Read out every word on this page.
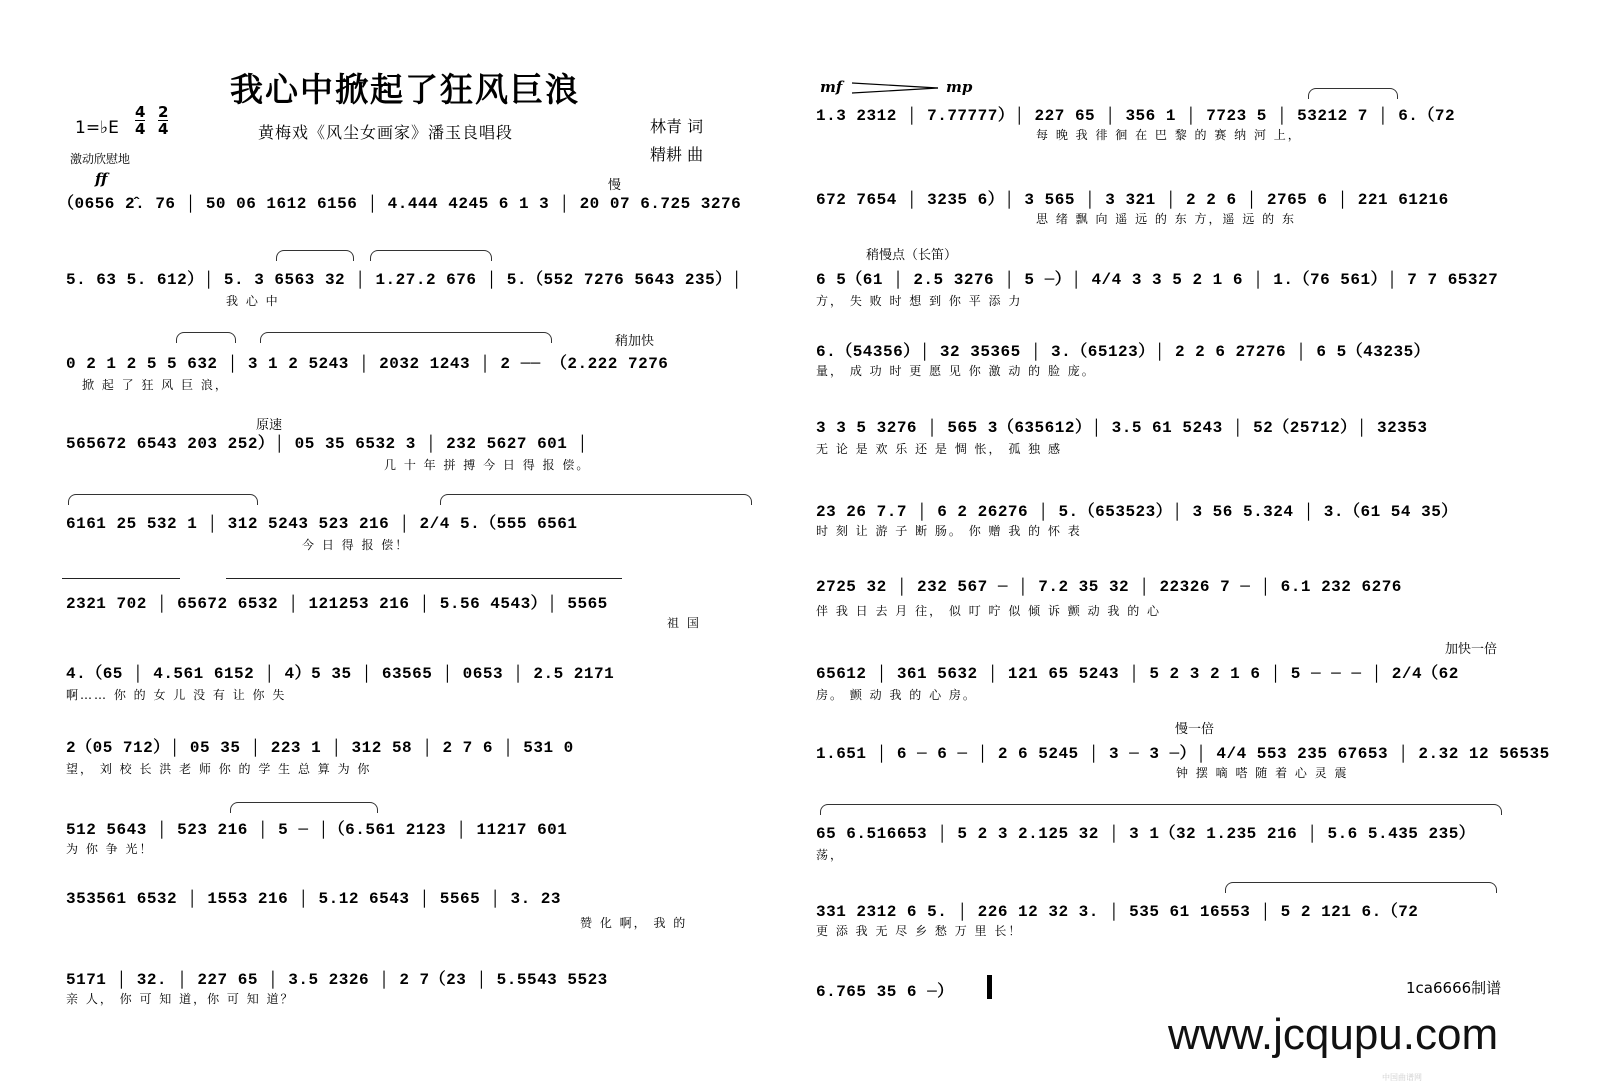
我心中掀起了狂风巨浪
黄梅戏《风尘女画家》潘玉良唱段	林青 词
精耕 曲
1=♭E
4
4
2
4
激动欣慰地
ff
mf	mp
慢
稍加快
原速
稍慢点（长笛）
加快一倍
慢一倍
（0656 2̂. 76 │ 50 06 1612 6156 │ 4.444 4245 6 1 3 │ 20 07 6.725 3276
5. 63 5. 612）│ 5. 3 6563 32 │ 1.27.2 676 │ 5.（552 7276 5643 235）│
我 心 中
0 2 1 2 5 5 632 │ 3 1 2 5243 │ 2032 1243 │ 2 ── （2.222 7276
掀 起 了 狂 风 巨 浪，
565672 6543 203 252）│ 05 35 6532 3 │ 232 5627 601 │
几 十 年 拼 搏 今 日 得 报 偿。
6161 25 532 1 │ 312 5243 523 216 │ 2/4 5.（555 6561
今 日 得 报 偿！
2321 702 │ 65672 6532 │ 121253 216 │ 5.56 4543）│ 5565
祖 国
4.（65 │ 4.561 6152 │ 4）5 35 │ 63565 │ 0653 │ 2.5 2171
啊…… 你 的 女 儿 没 有 让 你 失
2（05 712）│ 05 35 │ 223 1 │ 312 58 │ 2 7 6 │ 531 0
望， 刘 校 长 洪 老 师 你 的 学 生 总 算 为 你
512 5643 │ 523 216 │ 5 ─ │（6.561 2123 │ 11217 601
为 你 争 光！
353561 6532 │ 1553 216 │ 5.12 6543 │ 5565 │ 3. 23
赞 化 啊， 我 的
5171 │ 32. │ 227 65 │ 3.5 2326 │ 2 7（23 │ 5.5543 5523
亲 人， 你 可 知 道，你 可 知 道？
1.3 2312 │ 7.77777）│ 227 65 │ 356 1 │ 7723 5 │ 53212 7 │ 6.（72
每 晚 我 徘 徊 在 巴 黎 的 赛 纳 河 上，
672 7654 │ 3235 6）│ 3 565 │ 3 321 │ 2 2 6 │ 2765 6 │ 221 61216
思 绪 飘 向 遥 远 的 东 方，遥 远 的 东
6 5（61 │ 2.5 3276 │ 5 ─）│ 4/4 3 3 5 2 1 6 │ 1.（76 561）│ 7 7 65327
方， 失 败 时 想 到 你 平 添 力
6.（54356）│ 32 35365 │ 3.（65123）│ 2 2 6 27276 │ 6 5（43235）
量， 成 功 时 更 愿 见 你 激 动 的 脸 庞。
3 3 5 3276 │ 565 3（635612）│ 3.5 61 5243 │ 52（25712）│ 32353
无 论 是 欢 乐 还 是 惆 怅， 孤 独 感
23 26 7.7 │ 6 2 26276 │ 5.（653523）│ 3 56 5.324 │ 3.（61 54 35）
时 刻 让 游 子 断 肠。 你 赠 我 的 怀 表
2725 32 │ 232 567 ─ │ 7.2 35 32 │ 22326 7 ─ │ 6.1 232 6276
伴 我 日 去 月 往， 似 叮 咛 似 倾 诉 颤 动 我 的 心
65612 │ 361 5632 │ 121 65 5243 │ 5 2 3 2 1 6 │ 5 ─ ─ ─ │ 2/4（62
房。 颤 动 我 的 心 房。
1.651 │ 6 ─ 6 ─ │ 2 6 5245 │ 3 ─ 3 ─）│ 4/4 553 235 67653 │ 2.32 12 56535
钟 摆 嘀 嗒 随 着 心 灵 震
65 6.516653 │ 5 2 3 2.125 32 │ 3 1（32 1.235 216 │ 5.6 5.435 235）
荡，
331 2312 6 5. │ 226 12 32 3. │ 535 61 16553 │ 5 2 121 6.（72
更 添 我 无 尽 乡 愁 万 里 长！
6.765 35 6 ─）	1ca6666制谱
www.jcqupu.com
中国曲谱网
